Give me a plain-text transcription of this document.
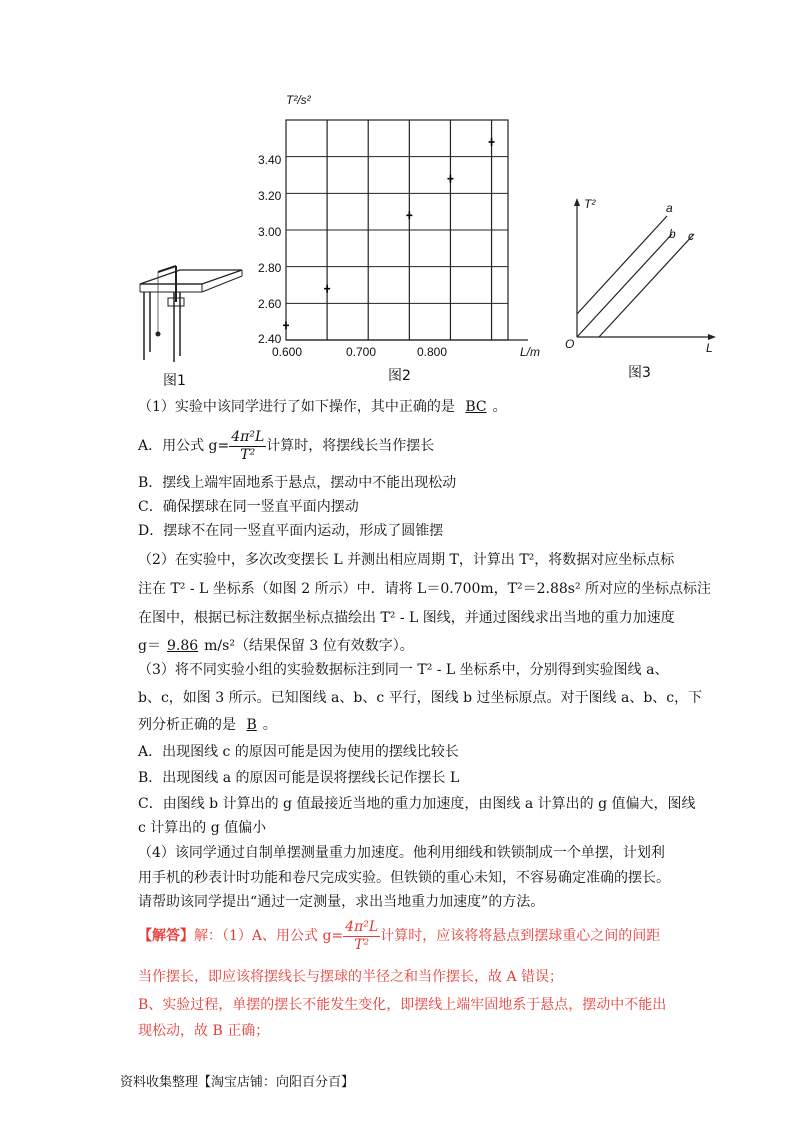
图1
T²/s²
L/m
3.40
3.20
3.00
2.80
2.60
2.40
0.600	0.700	0.800
图2
T²
L
O
a
b c
图3
（1）实验中该同学进行了如下操作，其中正确的是 BC 。
A．用公式 $g= \frac{\text{4π²L}}{\text{T²}}$ 计算时，将摆线长当作摆长
B．摆线上端牢固地系于悬点，摆动中不能出现松动
C．确保摆球在同一竖直平面内摆动
D．摆球不在同一竖直平面内运动，形成了圆锥摆
（2）在实验中，多次改变摆长 L 并测出相应周期 T，计算出 T²，将数据对应坐标点标
注在 T² - L 坐标系（如图 2 所示）中．请将 L＝0.700m，T²＝2.88s² 所对应的坐标点标注
在图中，根据已标注数据坐标点描绘出 T² - L 图线，并通过图线求出当地的重力加速度
g＝ 9.86 m/s²（结果保留 3 位有效数字）。
（3）将不同实验小组的实验数据标注到同一 T² - L 坐标系中，分别得到实验图线 a、
b、c，如图 3 所示。已知图线 a、b、c 平行，图线 b 过坐标原点。对于图线 a、b、c，下
列分析正确的是 B 。
A．出现图线 c 的原因可能是因为使用的摆线比较长
B．出现图线 a 的原因可能是误将摆线长记作摆长 L
C．由图线 b 计算出的 g 值最接近当地的重力加速度，由图线 a 计算出的 g 值偏大，图线
c 计算出的 g 值偏小
（4）该同学通过自制单摆测量重力加速度。他利用细线和铁锁制成一个单摆，计划利
用手机的秒表计时功能和卷尺完成实验。但铁锁的重心未知，不容易确定准确的摆长。
请帮助该同学提出“通过一定测量，求出当地重力加速度”的方法。
【解答】解：（1）A、用公式 $g= \frac{\text{4π²L}}{\text{T²}}$ 计算时，应该将将悬点到摆球重心之间的间距
当作摆长，即应该将摆线长与摆球的半径之和当作摆长，故 A 错误；
B、实验过程，单摆的摆长不能发生变化，即摆线上端牢固地系于悬点，摆动中不能出
现松动，故 B 正确；
资料收集整理【淘宝店铺：向阳百分百】
